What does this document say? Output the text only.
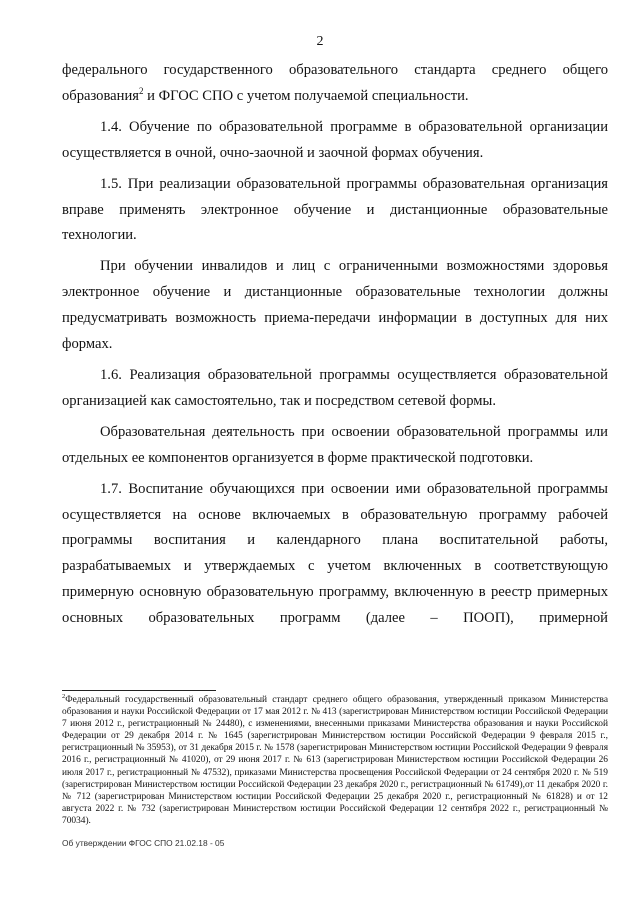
2

федерального государственного образовательного стандарта среднего общего образования$^2$ и ФГОС СПО с учетом получаемой специальности.

1.4. Обучение по образовательной программе в образовательной организации осуществляется в очной, очно-заочной и заочной формах обучения.

1.5. При реализации образовательной программы образовательная организация вправе применять электронное обучение и дистанционные образовательные технологии.

При обучении инвалидов и лиц с ограниченными возможностями здоровья электронное обучение и дистанционные образовательные технологии должны предусматривать возможность приема-передачи информации в доступных для них формах.

1.6. Реализация образовательной программы осуществляется образовательной организацией как самостоятельно, так и посредством сетевой формы.

Образовательная деятельность при освоении образовательной программы или отдельных ее компонентов организуется в форме практической подготовки.

1.7. Воспитание обучающихся при освоении ими образовательной программы осуществляется на основе включаемых в образовательную программу рабочей программы воспитания и календарного плана воспитательной работы, разрабатываемых и утверждаемых с учетом включенных в соответствующую примерную основную образовательную программу, включенную в реестр примерных основных образовательных программ (далее – ПООП), примерной

$^2$Федеральный государственный образовательный стандарт среднего общего образования, утвержденный приказом Министерства образования и науки Российской Федерации от 17 мая 2012 г. № 413 (зарегистрирован Министерством юстиции Российской Федерации 7 июня 2012 г., регистрационный № 24480), с изменениями, внесенными приказами Министерства образования и науки Российской Федерации от 29 декабря 2014 г. № 1645 (зарегистрирован Министерством юстиции Российской Федерации 9 февраля 2015 г., регистрационный № 35953), от 31 декабря 2015 г. № 1578 (зарегистрирован Министерством юстиции Российской Федерации 9 февраля 2016 г., регистрационный № 41020), от 29 июня 2017 г. № 613 (зарегистрирован Министерством юстиции Российской Федерации 26 июля 2017 г., регистрационный № 47532), приказами Министерства просвещения Российской Федерации от 24 сентября 2020 г. № 519 (зарегистрирован Министерством юстиции Российской Федерации 23 декабря 2020 г., регистрационный № 61749),от 11 декабря 2020 г. № 712 (зарегистрирован Министерством юстиции Российской Федерации 25 декабря 2020 г., регистрационный № 61828) и от 12 августа 2022 г. № 732 (зарегистрирован Министерством юстиции Российской Федерации 12 сентября 2022 г., регистрационный № 70034).
Об утверждении ФГОС СПО 21.02.18 - 05
